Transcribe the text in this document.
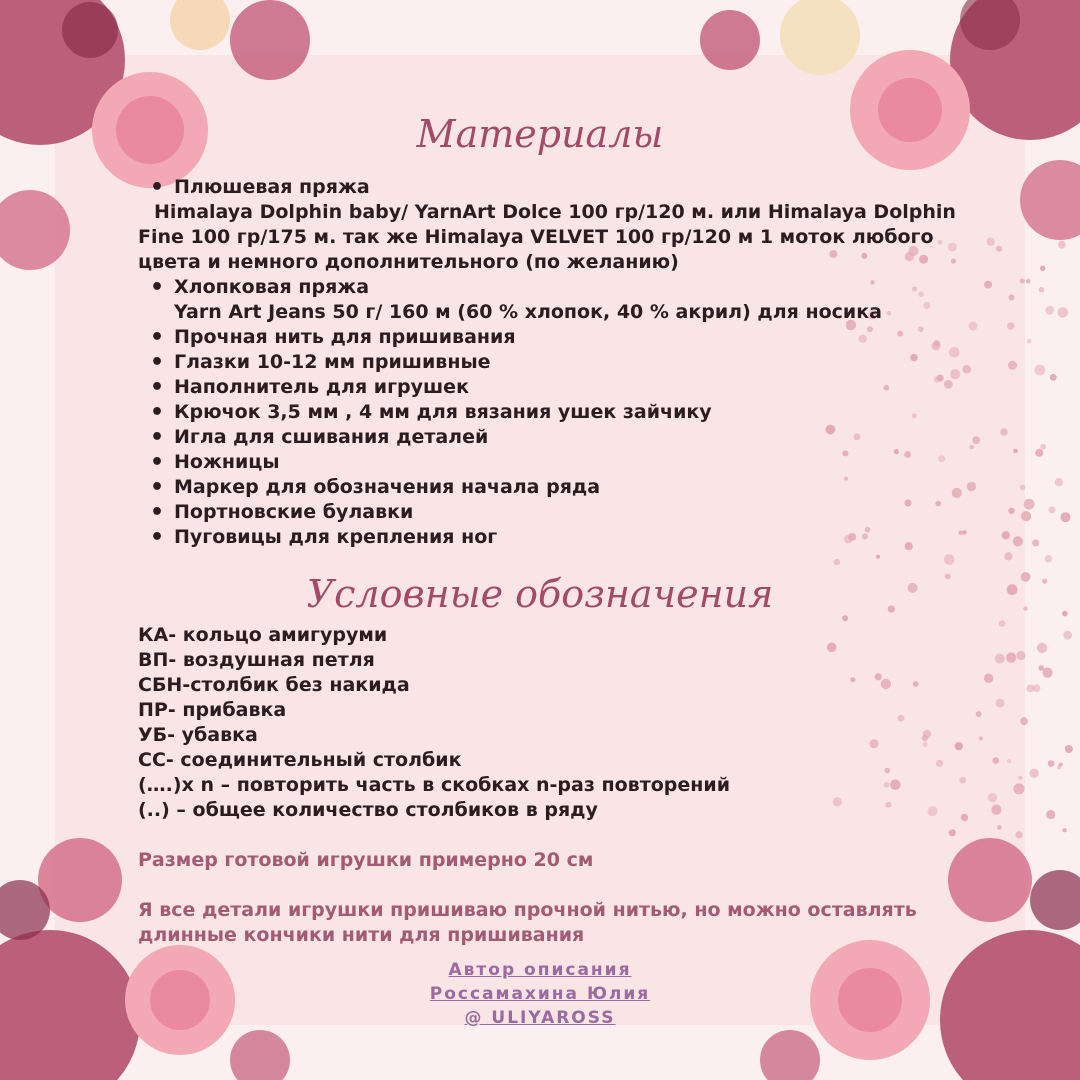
Материалы
• Плюшевая пряжа
Himalaya Dolphin baby/ YarnArt Dolce 100 гр/120 м. или Himalaya Dolphin
Fine 100 гр/175 м. так же Himalaya VELVET 100 гр/120 м 1 моток любого
цвета и немного дополнительного (по желанию)
• Хлопковая пряжа
Yarn Art Jeans 50 г/ 160 м (60 % хлопок, 40 % акрил) для носика
• Прочная нить для пришивания
• Глазки 10-12 мм пришивные
• Наполнитель для игрушек
• Крючок 3,5 мм , 4 мм для вязания ушек зайчику
• Игла для сшивания деталей
• Ножницы
• Маркер для обозначения начала ряда
• Портновские булавки
• Пуговицы для крепления ног
Условные обозначения
КА- кольцо амигуруми
ВП- воздушная петля
СБН-столбик без накида
ПР- прибавка
УБ- убавка
СС- соединительный столбик
(….)x n – повторить часть в скобках n-раз повторений
(..) – общее количество столбиков в ряду
Размер готовой игрушки примерно 20 см
Я все детали игрушки пришиваю прочной нитью, но можно оставлять длинные кончики нити для пришивания
Автор описания
Россамахина Юлия
@ ULIYAROSS
